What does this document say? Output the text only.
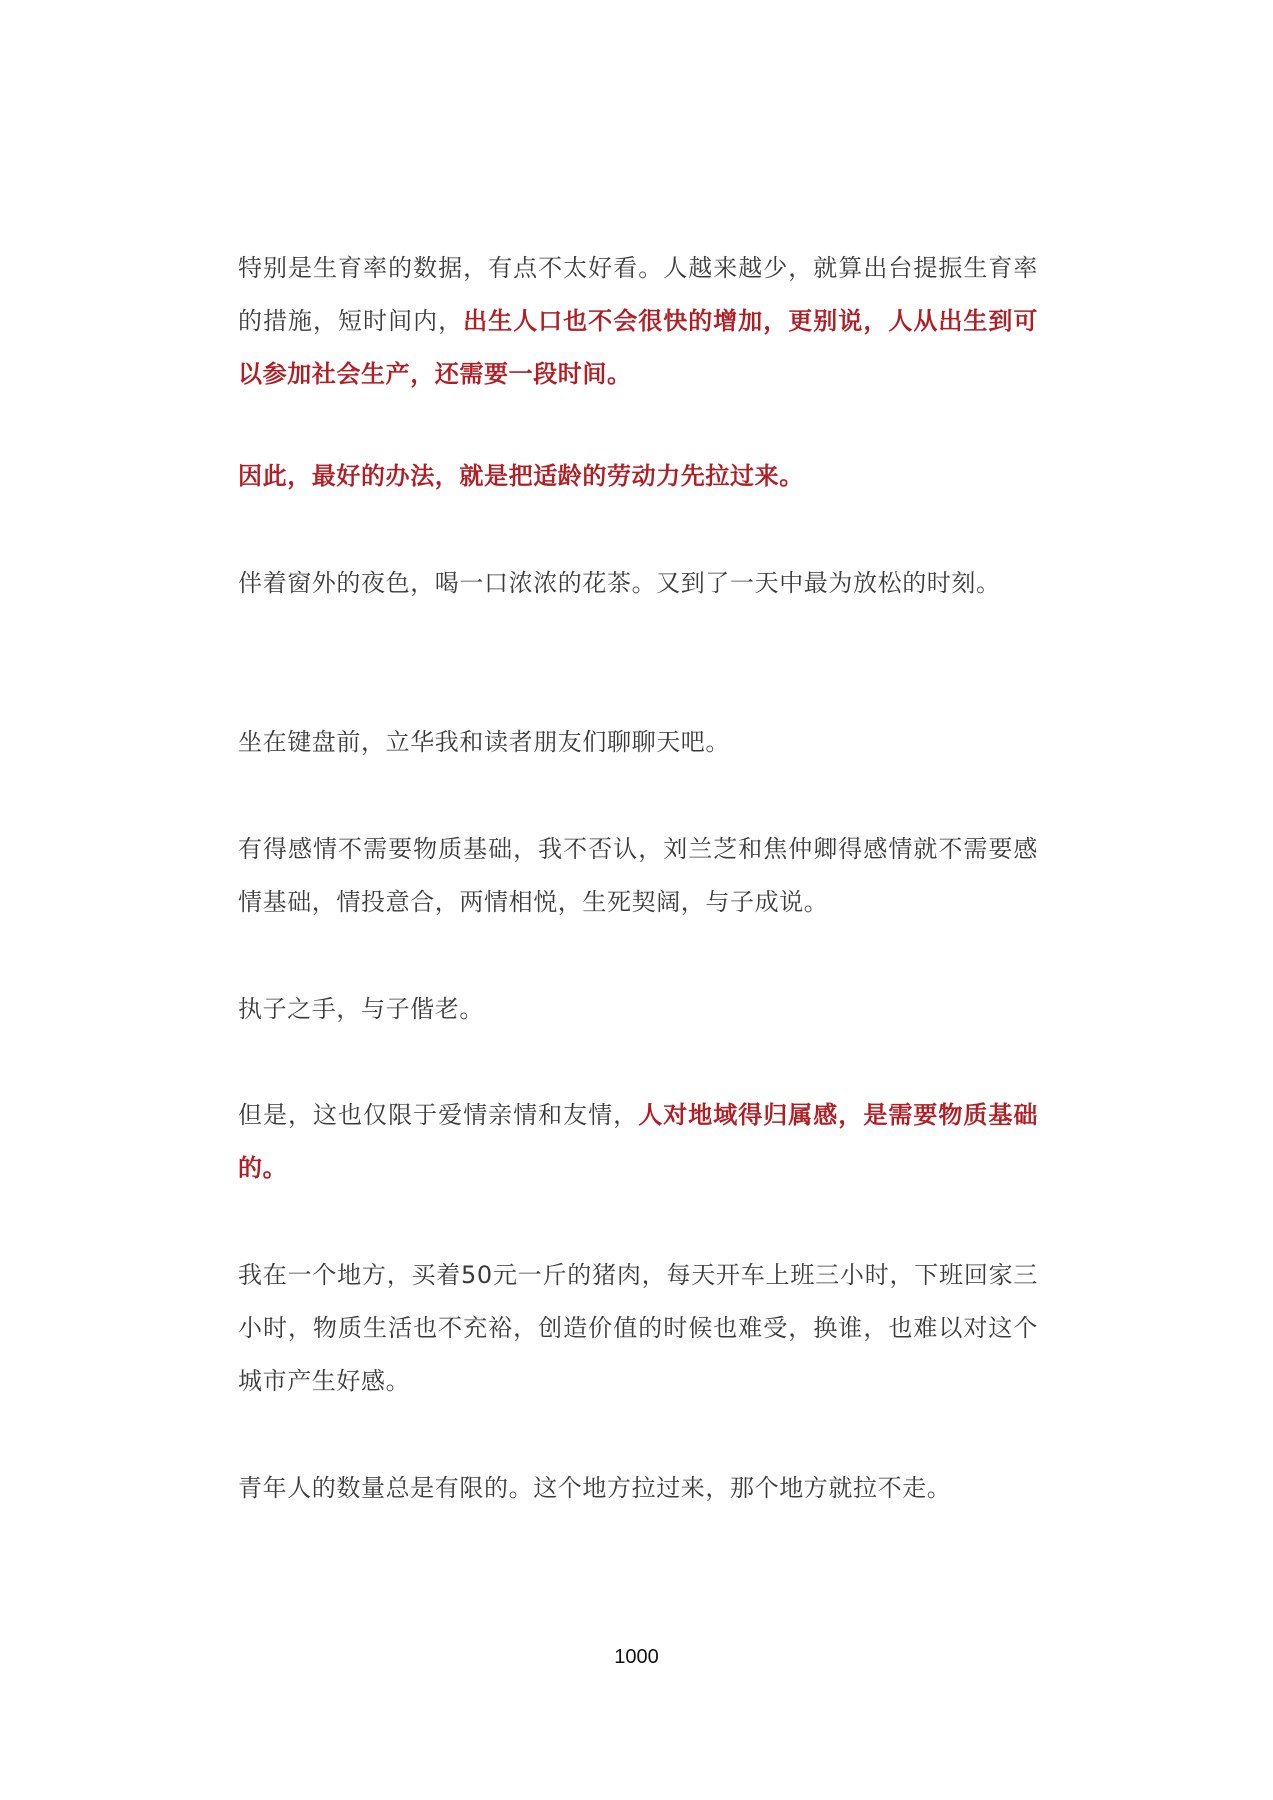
特别是生育率的数据，有点不太好看。人越来越少，就算出台提振生育率的措施，短时间内，出生人口也不会很快的增加，更别说，人从出生到可以参加社会生产，还需要一段时间。

因此，最好的办法，就是把适龄的劳动力先拉过来。

伴着窗外的夜色，喝一口浓浓的花茶。又到了一天中最为放松的时刻。

坐在键盘前，立华我和读者朋友们聊聊天吧。

有得感情不需要物质基础，我不否认，刘兰芝和焦仲卿得感情就不需要感情基础，情投意合，两情相悦，生死契阔，与子成说。

执子之手，与子偕老。

但是，这也仅限于爱情亲情和友情，人对地域得归属感，是需要物质基础的。

我在一个地方，买着50元一斤的猪肉，每天开车上班三小时，下班回家三小时，物质生活也不充裕，创造价值的时候也难受，换谁，也难以对这个城市产生好感。

青年人的数量总是有限的。这个地方拉过来，那个地方就拉不走。

1000
